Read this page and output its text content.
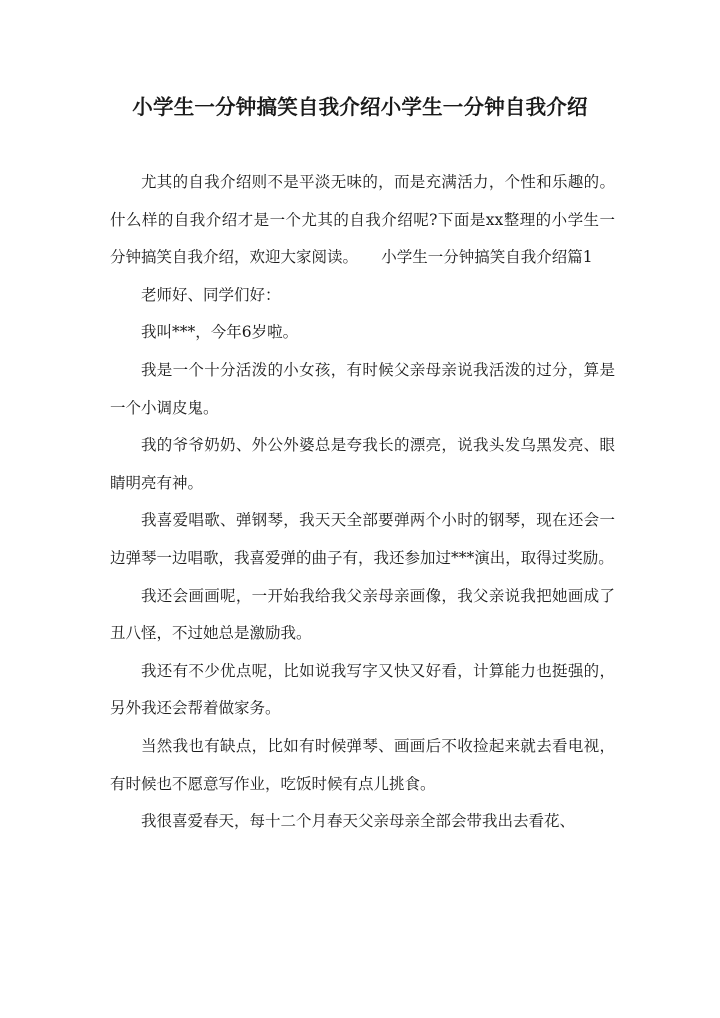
小学生一分钟搞笑自我介绍小学生一分钟自我介绍

尤其的自我介绍则不是平淡无味的，而是充满活力，个性和乐趣的。什么样的自我介绍才是一个尤其的自我介绍呢?下面是xx整理的小学生一分钟搞笑自我介绍，欢迎大家阅读。　　小学生一分钟搞笑自我介绍篇1

老师好、同学们好：

我叫***，今年6岁啦。

我是一个十分活泼的小女孩，有时候父亲母亲说我活泼的过分，算是一个小调皮鬼。

我的爷爷奶奶、外公外婆总是夸我长的漂亮，说我头发乌黑发亮、眼睛明亮有神。

我喜爱唱歌、弹钢琴，我天天全部要弹两个小时的钢琴，现在还会一边弹琴一边唱歌，我喜爱弹的曲子有，我还参加过***演出，取得过奖励。

我还会画画呢，一开始我给我父亲母亲画像，我父亲说我把她画成了丑八怪，不过她总是激励我。

我还有不少优点呢，比如说我写字又快又好看，计算能力也挺强的，另外我还会帮着做家务。

当然我也有缺点，比如有时候弹琴、画画后不收捡起来就去看电视，有时候也不愿意写作业，吃饭时候有点儿挑食。

我很喜爱春天，每十二个月春天父亲母亲全部会带我出去看花、
